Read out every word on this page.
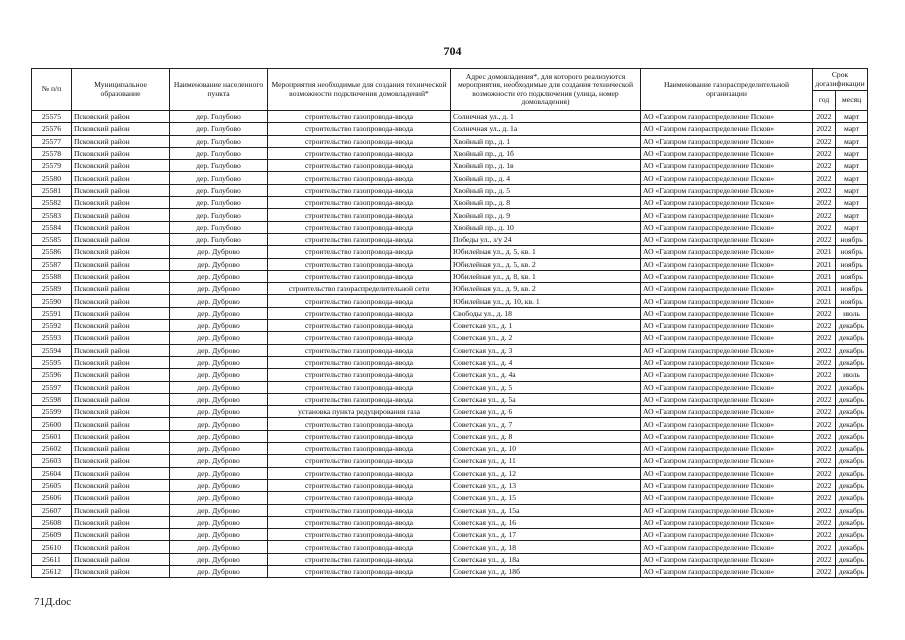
704
№ п/п	Муниципальное образование	Наименование населенного пункта	Мероприятия необходимые для создания технической возможности подключения домовладений*	Адрес домовладения*, для которого реализуются мероприятия, необходимые для создания технической возможности его подключения (улица, номер домовладения)	Наименование газораспределительной организации	Срок догазификации	
						год	месяц
25575	Псковский район	дер. Голубово	строительство газопровода-ввода	Солнечная ул., д. 1	АО «Газпром газораспределение Псков»	2022	март
25576	Псковский район	дер. Голубово	строительство газопровода-ввода	Солнечная ул., д. 1а	АО «Газпром газораспределение Псков»	2022	март
25577	Псковский район	дер. Голубово	строительство газопровода-ввода	Хвойный пр., д. 1	АО «Газпром газораспределение Псков»	2022	март
25578	Псковский район	дер. Голубово	строительство газопровода-ввода	Хвойный пр., д. 1б	АО «Газпром газораспределение Псков»	2022	март
25579	Псковский район	дер. Голубово	строительство газопровода-ввода	Хвойный пр., д. 1в	АО «Газпром газораспределение Псков»	2022	март
25580	Псковский район	дер. Голубово	строительство газопровода-ввода	Хвойный пр., д. 4	АО «Газпром газораспределение Псков»	2022	март
25581	Псковский район	дер. Голубово	строительство газопровода-ввода	Хвойный пр., д. 5	АО «Газпром газораспределение Псков»	2022	март
25582	Псковский район	дер. Голубово	строительство газопровода-ввода	Хвойный пр., д. 8	АО «Газпром газораспределение Псков»	2022	март
25583	Псковский район	дер. Голубово	строительство газопровода-ввода	Хвойный пр., д. 9	АО «Газпром газораспределение Псков»	2022	март
25584	Псковский район	дер. Голубово	строительство газопровода-ввода	Хвойный пр., д. 10	АО «Газпром газораспределение Псков»	2022	март
25585	Псковский район	дер. Голубово	строительство газопровода-ввода	Победы ул., з/у 24	АО «Газпром газораспределение Псков»	2022	ноябрь
25586	Псковский район	дер. Дуброво	строительство газопровода-ввода	Юбилейная ул., д. 5, кв. 1	АО «Газпром газораспределение Псков»	2021	ноябрь
25587	Псковский район	дер. Дуброво	строительство газопровода-ввода	Юбилейная ул., д. 5, кв. 2	АО «Газпром газораспределение Псков»	2021	ноябрь
25588	Псковский район	дер. Дуброво	строительство газопровода-ввода	Юбилейная ул., д. 8, кв. 1	АО «Газпром газораспределение Псков»	2021	ноябрь
25589	Псковский район	дер. Дуброво	строительство газораспределительной сети	Юбилейная ул., д. 9, кв. 2	АО «Газпром газораспределение Псков»	2021	ноябрь
25590	Псковский район	дер. Дуброво	строительство газопровода-ввода	Юбилейная ул., д. 10, кв. 1	АО «Газпром газораспределение Псков»	2021	ноябрь
25591	Псковский район	дер. Дуброво	строительство газопровода-ввода	Свободы ул., д. 18	АО «Газпром газораспределение Псков»	2022	июль
25592	Псковский район	дер. Дуброво	строительство газопровода-ввода	Советская ул., д. 1	АО «Газпром газораспределение Псков»	2022	декабрь
25593	Псковский район	дер. Дуброво	строительство газопровода-ввода	Советская ул., д. 2	АО «Газпром газораспределение Псков»	2022	декабрь
25594	Псковский район	дер. Дуброво	строительство газопровода-ввода	Советская ул., д. 3	АО «Газпром газораспределение Псков»	2022	декабрь
25595	Псковский район	дер. Дуброво	строительство газопровода-ввода	Советская ул., д. 4	АО «Газпром газораспределение Псков»	2022	декабрь
25596	Псковский район	дер. Дуброво	строительство газопровода-ввода	Советская ул., д. 4а	АО «Газпром газораспределение Псков»	2022	июль
25597	Псковский район	дер. Дуброво	строительство газопровода-ввода	Советская ул., д. 5	АО «Газпром газораспределение Псков»	2022	декабрь
25598	Псковский район	дер. Дуброво	строительство газопровода-ввода	Советская ул., д. 5а	АО «Газпром газораспределение Псков»	2022	декабрь
25599	Псковский район	дер. Дуброво	установка пункта редуцирования газа	Советская ул., д. 6	АО «Газпром газораспределение Псков»	2022	декабрь
25600	Псковский район	дер. Дуброво	строительство газопровода-ввода	Советская ул., д. 7	АО «Газпром газораспределение Псков»	2022	декабрь
25601	Псковский район	дер. Дуброво	строительство газопровода-ввода	Советская ул., д. 8	АО «Газпром газораспределение Псков»	2022	декабрь
25602	Псковский район	дер. Дуброво	строительство газопровода-ввода	Советская ул., д. 10	АО «Газпром газораспределение Псков»	2022	декабрь
25603	Псковский район	дер. Дуброво	строительство газопровода-ввода	Советская ул., д. 11	АО «Газпром газораспределение Псков»	2022	декабрь
25604	Псковский район	дер. Дуброво	строительство газопровода-ввода	Советская ул., д. 12	АО «Газпром газораспределение Псков»	2022	декабрь
25605	Псковский район	дер. Дуброво	строительство газопровода-ввода	Советская ул., д. 13	АО «Газпром газораспределение Псков»	2022	декабрь
25606	Псковский район	дер. Дуброво	строительство газопровода-ввода	Советская ул., д. 15	АО «Газпром газораспределение Псков»	2022	декабрь
25607	Псковский район	дер. Дуброво	строительство газопровода-ввода	Советская ул., д. 15а	АО «Газпром газораспределение Псков»	2022	декабрь
25608	Псковский район	дер. Дуброво	строительство газопровода-ввода	Советская ул., д. 16	АО «Газпром газораспределение Псков»	2022	декабрь
25609	Псковский район	дер. Дуброво	строительство газопровода-ввода	Советская ул., д. 17	АО «Газпром газораспределение Псков»	2022	декабрь
25610	Псковский район	дер. Дуброво	строительство газопровода-ввода	Советская ул., д. 18	АО «Газпром газораспределение Псков»	2022	декабрь
25611	Псковский район	дер. Дуброво	строительство газопровода-ввода	Советская ул., д. 18а	АО «Газпром газораспределение Псков»	2022	декабрь
25612	Псковский район	дер. Дуброво	строительство газопровода-ввода	Советская ул., д. 18б	АО «Газпром газораспределение Псков»	2022	декабрь
71Д.doc
